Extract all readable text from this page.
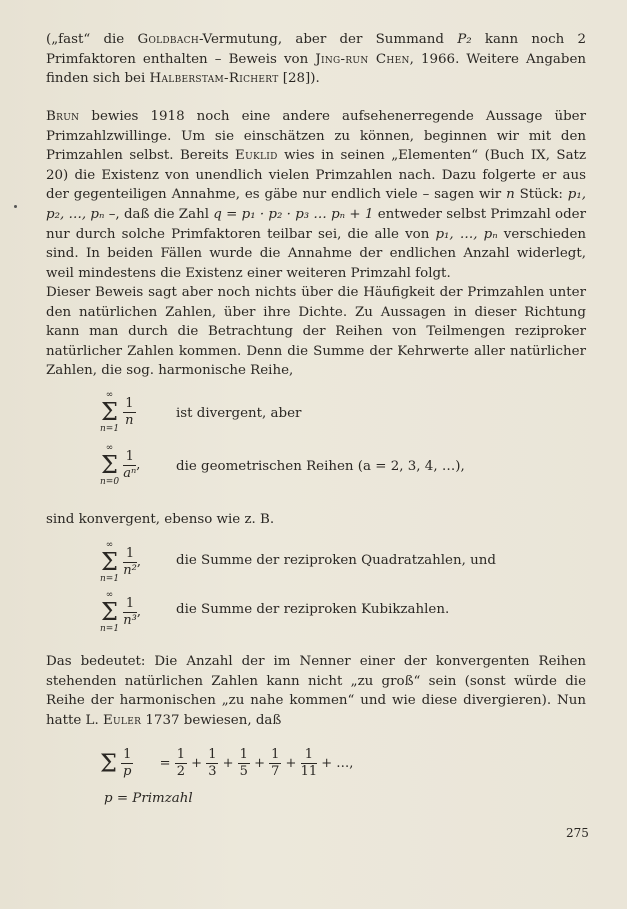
(„fast“ die Goldbach-Vermutung, aber der Summand P₂ kann noch 2 Primfaktoren enthalten – Beweis von Jing-run Chen, 1966. Weitere Angaben finden sich bei Halberstam-Richert [28]).
Brun bewies 1918 noch eine andere aufsehenerregende Aussage über Primzahlzwillinge. Um sie einschätzen zu können, beginnen wir mit den Primzahlen selbst. Bereits Euklid wies in seinen „Elementen“ (Buch IX, Satz 20) die Existenz von unendlich vielen Primzahlen nach. Dazu folgerte er aus der gegenteiligen Annahme, es gäbe nur endlich viele – sagen wir n Stück: p₁, p₂, …, pₙ –, daß die Zahl q = p₁ · p₂ · p₃ … pₙ + 1 entweder selbst Primzahl oder nur durch solche Primfaktoren teilbar sei, die alle von p₁, …, pₙ verschieden sind. In beiden Fällen wurde die Annahme der endlichen Anzahl widerlegt, weil mindestens die Existenz einer weiteren Primzahl folgt.
Dieser Beweis sagt aber noch nichts über die Häufigkeit der Primzahlen unter den natürlichen Zahlen, über ihre Dichte. Zu Aussagen in dieser Richtung kann man durch die Betrachtung der Reihen von Teilmengen reziproker natürlicher Zahlen kommen. Denn die Summe der Kehrwerte aller natürlicher Zahlen, die sog. harmonische Reihe,
∞
Σ
n=1

$\frac{1}{n}$	ist divergent, aber
∞
Σ
n=0

$\frac{1}{\text{aⁿ}}$ ,	die geometrischen Reihen (a = 2, 3, 4, …),
sind konvergent, ebenso wie z. B.
∞
Σ
n=1

$\frac{1}{\text{n²}}$ ,	die Summe der reziproken Quadratzahlen, und
∞
Σ
n=1

$\frac{1}{\text{n³}}$ ,	die Summe der reziproken Kubikzahlen.
Das bedeutet: Die Anzahl der im Nenner einer der konvergenten Reihen stehenden natürlichen Zahlen kann nicht „zu groß“ sein (sonst würde die Reihe der harmonischen „zu nahe kommen“ und wie diese divergieren). Nun hatte L. Euler 1737 bewiesen, daß
Σ $\frac{1}{p} = \frac{1}{2} + \frac{1}{3} + \frac{1}{5} + \frac{1}{7} + \frac{1}{11}$ + …,
p = Primzahl
275
